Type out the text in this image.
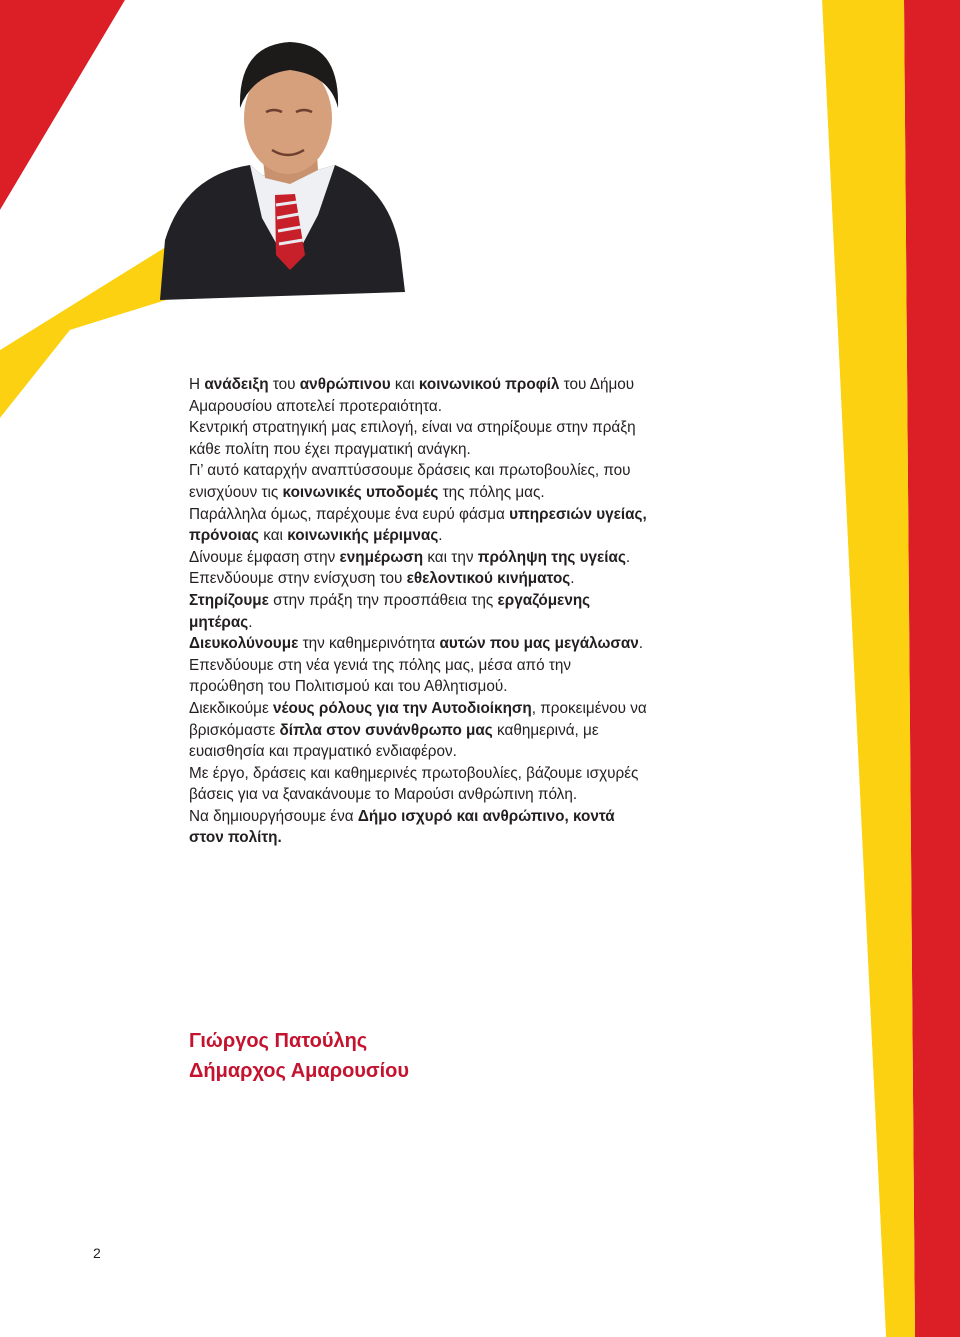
Η ανάδειξη του ανθρώπινου και κοινωνικού προφίλ του Δήμου Αμαρουσίου αποτελεί προτεραιότητα.

Κεντρική στρατηγική μας επιλογή, είναι να στηρίξουμε στην πράξη κάθε πολίτη που έχει πραγματική ανάγκη.

Γι’ αυτό καταρχήν αναπτύσσουμε δράσεις και πρωτοβουλίες, που ενισχύουν τις κοινωνικές υποδομές της πόλης μας.

Παράλληλα όμως, παρέχουμε ένα ευρύ φάσμα υπηρεσιών υγείας, πρόνοιας και κοινωνικής μέριμνας.

Δίνουμε έμφαση στην ενημέρωση και την πρόληψη της υγείας.

Επενδύουμε στην ενίσχυση του εθελοντικού κινήματος.

Στηρίζουμε στην πράξη την προσπάθεια της εργαζόμενης μητέρας.

Διευκολύνουμε την καθημερινότητα αυτών που μας μεγάλωσαν.

Επενδύουμε στη νέα γενιά της πόλης μας, μέσα από την προώθηση του Πολιτισμού και του Αθλητισμού.

Διεκδικούμε νέους ρόλους για την Αυτοδιοίκηση, προκειμένου να βρισκόμαστε δίπλα στον συνάνθρωπο μας καθημερινά, με ευαισθησία και πραγματικό ενδιαφέρον.

Με έργο, δράσεις και καθημερινές πρωτοβουλίες, βάζουμε ισχυρές βάσεις για να ξανακάνουμε το Μαρούσι ανθρώπινη πόλη.

Να δημιουργήσουμε ένα Δήμο ισχυρό και ανθρώπινο, κοντά στον πολίτη.

Γιώργος Πατούλης
Δήμαρχος Αμαρουσίου
2
